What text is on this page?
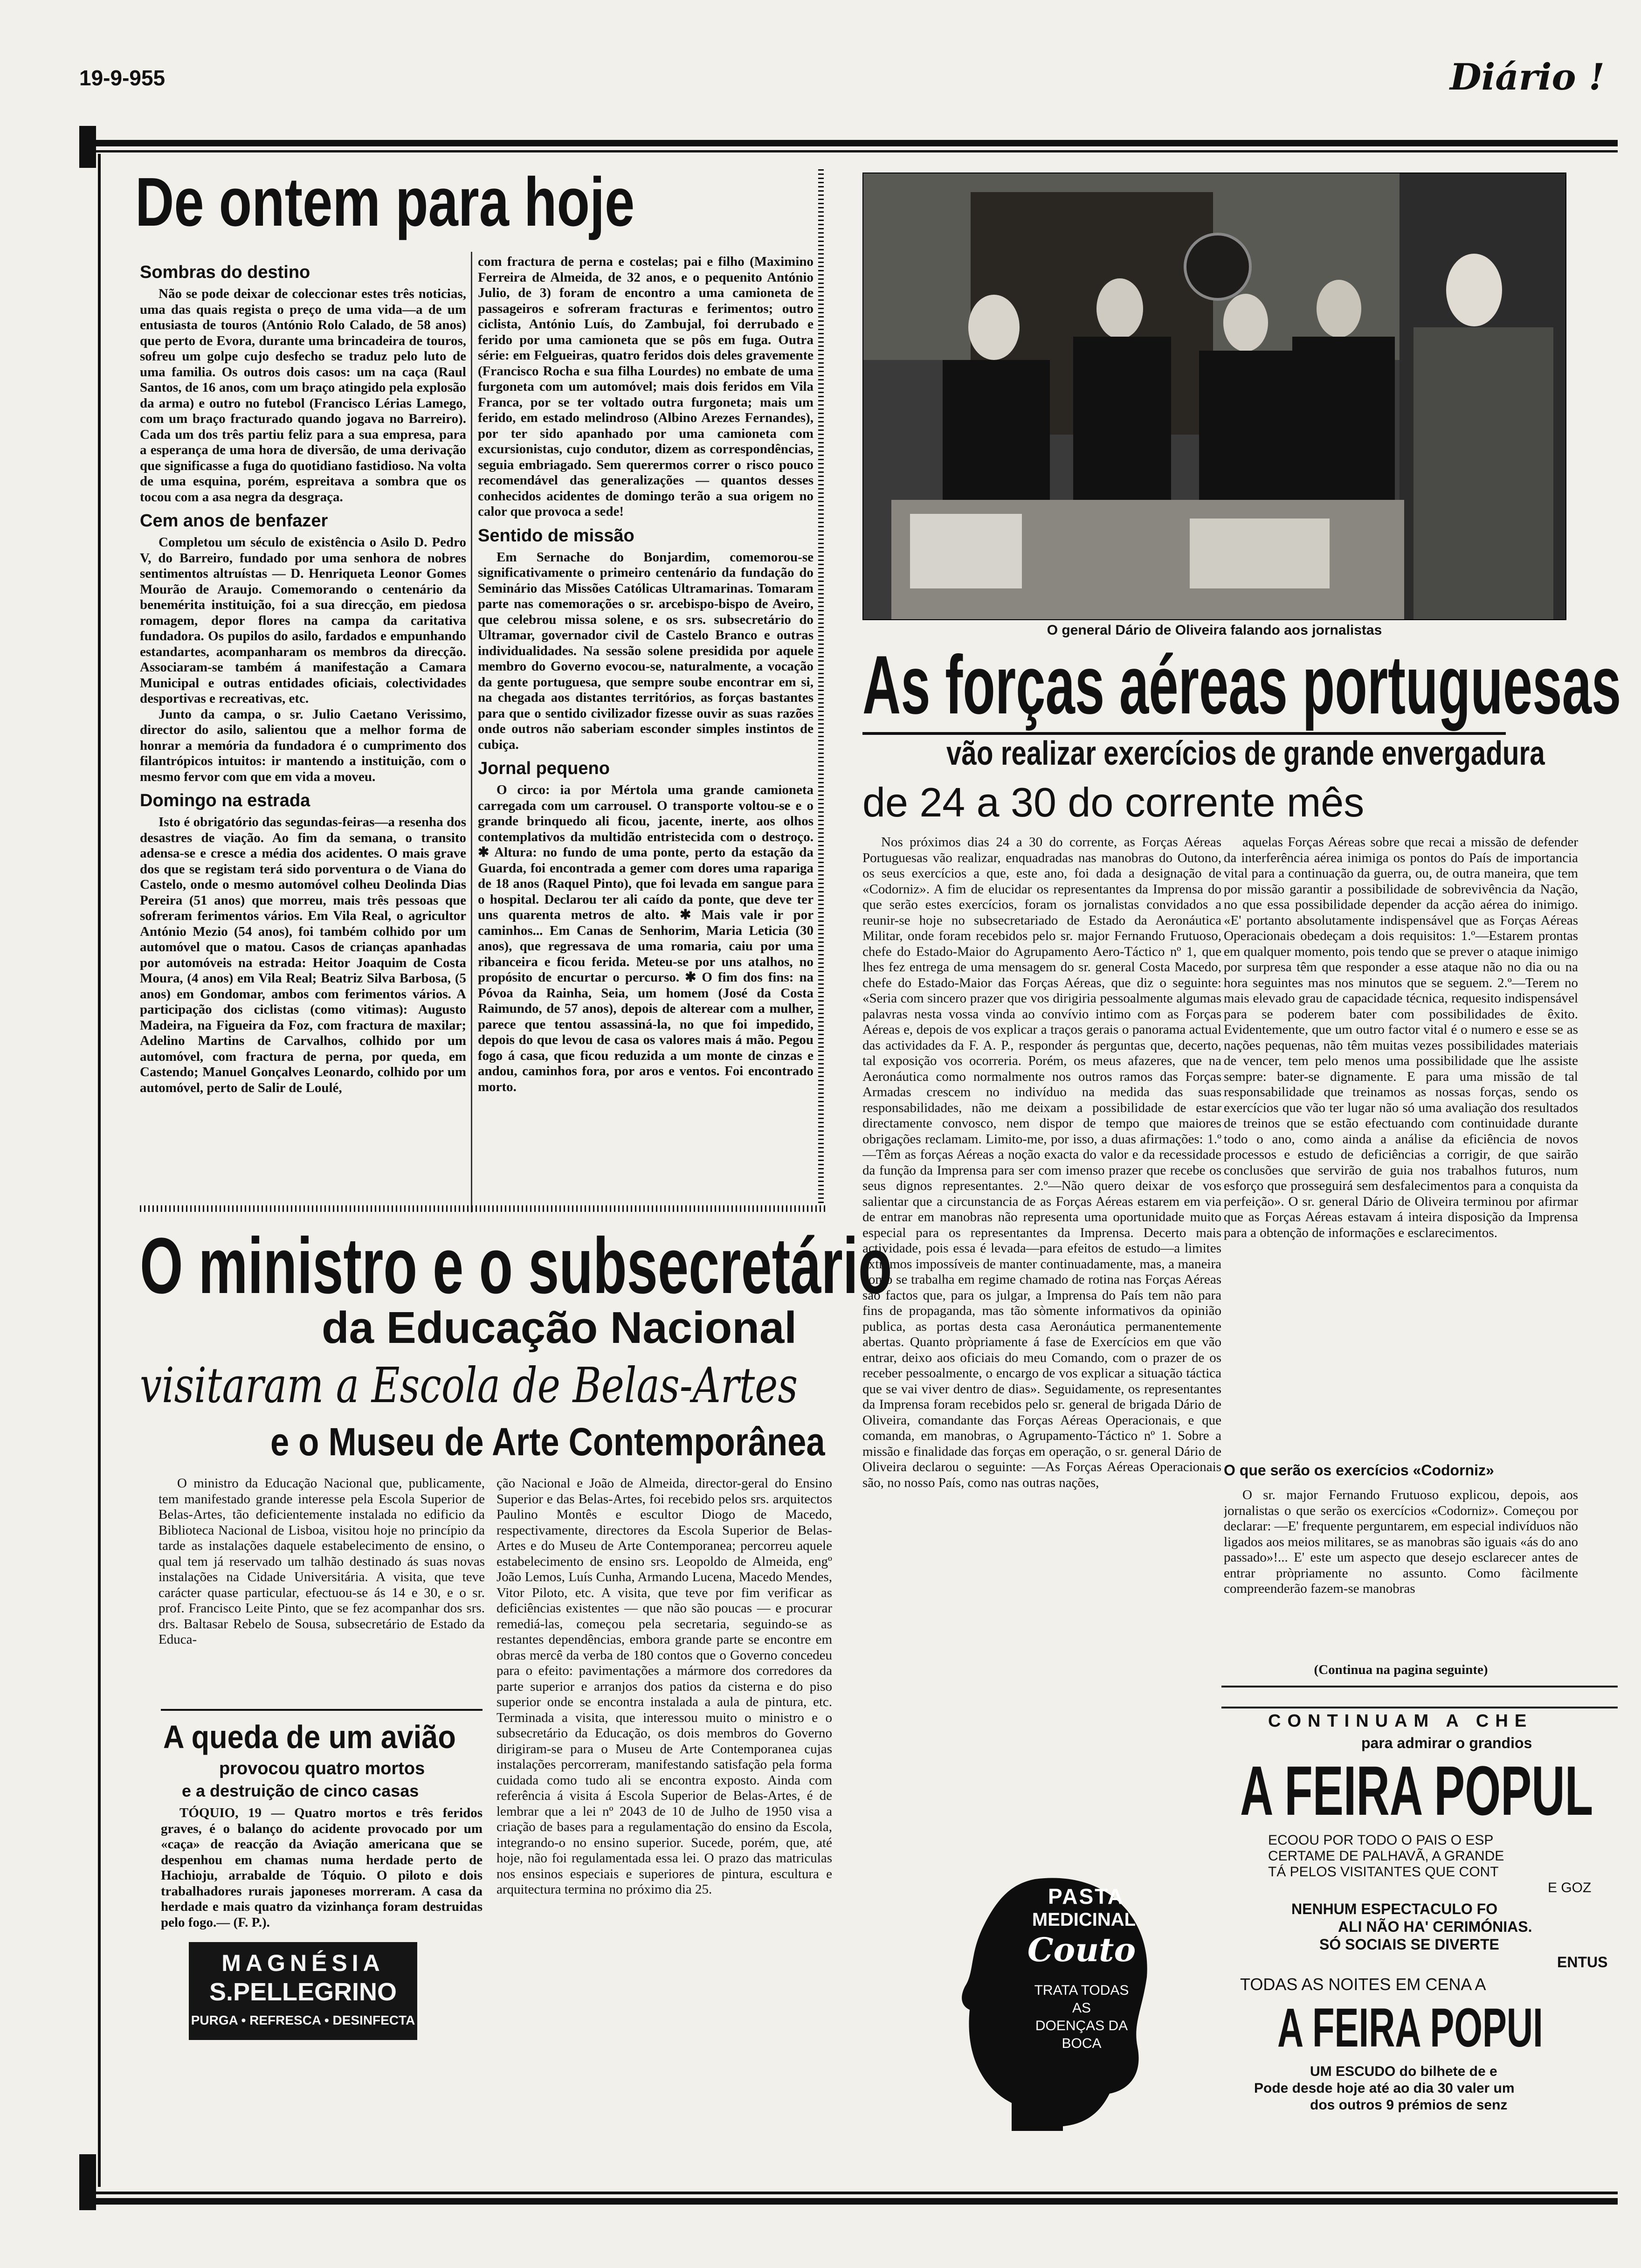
19-9-955	Diário !
De ontem para hoje
Sombras do destino

Não se pode deixar de coleccionar estes três noticias, uma das quais regista o preço de uma vida—a de um entusiasta de touros (António Rolo Calado, de 58 anos) que perto de Evora, durante uma brincadeira de touros, sofreu um golpe cujo desfecho se traduz pelo luto de uma familia. Os outros dois casos: um na caça (Raul Santos, de 16 anos, com um braço atingido pela explosão da arma) e outro no futebol (Francisco Lérias Lamego, com um braço fracturado quando jogava no Barreiro). Cada um dos três partiu feliz para a sua empresa, para a esperança de uma hora de diversão, de uma derivação que significasse a fuga do quotidiano fastidioso. Na volta de uma esquina, porém, espreitava a sombra que os tocou com a asa negra da desgraça.

Cem anos de benfazer

Completou um século de existência o Asilo D. Pedro V, do Barreiro, fundado por uma senhora de nobres sentimentos altruístas — D. Henriqueta Leonor Gomes Mourão de Araujo. Comemorando o centenário da benemérita instituição, foi a sua direcção, em piedosa romagem, depor flores na campa da caritativa fundadora. Os pupilos do asilo, fardados e empunhando estandartes, acompanharam os membros da direcção. Associaram-se também á manifestação a Camara Municipal e outras entidades oficiais, colectividades desportivas e recreativas, etc.

Junto da campa, o sr. Julio Caetano Verissimo, director do asilo, salientou que a melhor forma de honrar a memória da fundadora é o cumprimento dos filantrópicos intuitos: ir mantendo a instituição, com o mesmo fervor com que em vida a moveu.

Domingo na estrada

Isto é obrigatório das segundas-feiras—a resenha dos desastres de viação. Ao fim da semana, o transito adensa-se e cresce a média dos acidentes. O mais grave dos que se registam terá sido porventura o de Viana do Castelo, onde o mesmo automóvel colheu Deolinda Dias Pereira (51 anos) que morreu, mais três pessoas que sofreram ferimentos vários. Em Vila Real, o agricultor António Mezio (54 anos), foi também colhido por um automóvel que o matou. Casos de crianças apanhadas por automóveis na estrada: Heitor Joaquim de Costa Moura, (4 anos) em Vila Real; Beatriz Silva Barbosa, (5 anos) em Gondomar, ambos com ferimentos vários. A participação dos ciclistas (como vitimas): Augusto Madeira, na Figueira da Foz, com fractura de maxilar; Adelino Martins de Carvalhos, colhido por um automóvel, com fractura de perna, por queda, em Castendo; Manuel Gonçalves Leonardo, colhido por um automóvel, perto de Salir de Loulé,

com fractura de perna e costelas; pai e filho (Maximino Ferreira de Almeida, de 32 anos, e o pequenito António Julio, de 3) foram de encontro a uma camioneta de passageiros e sofreram fracturas e ferimentos; outro ciclista, António Luís, do Zambujal, foi derrubado e ferido por uma camioneta que se pôs em fuga. Outra série: em Felgueiras, quatro feridos dois deles gravemente (Francisco Rocha e sua filha Lourdes) no embate de uma furgoneta com um automóvel; mais dois feridos em Vila Franca, por se ter voltado outra furgoneta; mais um ferido, em estado melindroso (Albino Arezes Fernandes), por ter sido apanhado por uma camioneta com excursionistas, cujo condutor, dizem as correspondências, seguia embriagado. Sem querermos correr o risco pouco recomendável das generalizações — quantos desses conhecidos acidentes de domingo terão a sua origem no calor que provoca a sede!

Sentido de missão

Em Sernache do Bonjardim, comemorou-se significativamente o primeiro centenário da fundação do Seminário das Missões Católicas Ultramarinas. Tomaram parte nas comemorações o sr. arcebispo-bispo de Aveiro, que celebrou missa solene, e os srs. subsecretário do Ultramar, governador civil de Castelo Branco e outras individualidades. Na sessão solene presidida por aquele membro do Governo evocou-se, naturalmente, a vocação da gente portuguesa, que sempre soube encontrar em si, na chegada aos distantes territórios, as forças bastantes para que o sentido civilizador fizesse ouvir as suas razões onde outros não saberiam esconder simples instintos de cubiça.

Jornal pequeno

O circo: ia por Mértola uma grande camioneta carregada com um carrousel. O transporte voltou-se e o grande brinquedo ali ficou, jacente, inerte, aos olhos contemplativos da multidão entristecida com o destroço. ✱ Altura: no fundo de uma ponte, perto da estação da Guarda, foi encontrada a gemer com dores uma rapariga de 18 anos (Raquel Pinto), que foi levada em sangue para o hospital. Declarou ter ali caído da ponte, que deve ter uns quarenta metros de alto. ✱ Mais vale ir por caminhos... Em Canas de Senhorim, Maria Leticia (30 anos), que regressava de uma romaria, caiu por uma ribanceira e ficou ferida. Meteu-se por uns atalhos, no propósito de encurtar o percurso. ✱ O fim dos fins: na Póvoa da Rainha, Seia, um homem (José da Costa Raimundo, de 57 anos), depois de alterear com a mulher, parece que tentou assassiná-la, no que foi impedido, depois do que levou de casa os valores mais á mão. Pegou fogo á casa, que ficou reduzida a um monte de cinzas e andou, caminhos fora, por aros e ventos. Foi encontrado morto.

O ministro e o subsecretário
da Educação Nacional
visitaram a Escola de Belas-Artes
e o Museu de Arte Contemporânea

O ministro da Educação Nacional que, publicamente, tem manifestado grande interesse pela Escola Superior de Belas-Artes, tão deficientemente instalada no edificio da Biblioteca Nacional de Lisboa, visitou hoje no princípio da tarde as instalações daquele estabelecimento de ensino, o qual tem já reservado um talhão destinado ás suas novas instalações na Cidade Universitária. A visita, que teve carácter quase particular, efectuou-se ás 14 e 30, e o sr. prof. Francisco Leite Pinto, que se fez acompanhar dos srs. drs. Baltasar Rebelo de Sousa, subsecretário de Estado da Educa-

ção Nacional e João de Almeida, director-geral do Ensino Superior e das Belas-Artes, foi recebido pelos srs. arquitectos Paulino Montês e escultor Diogo de Macedo, respectivamente, directores da Escola Superior de Belas-Artes e do Museu de Arte Contemporanea; percorreu aquele estabelecimento de ensino srs. Leopoldo de Almeida, engº João Lemos, Luís Cunha, Armando Lucena, Macedo Mendes, Vitor Piloto, etc. A visita, que teve por fim verificar as deficiências existentes — que não são poucas — e procurar remediá-las, começou pela secretaria, seguindo-se as restantes dependências, embora grande parte se encontre em obras mercê da verba de 180 contos que o Governo concedeu para o efeito: pavimentações a mármore dos corredores da parte superior e arranjos dos patios da cisterna e do piso superior onde se encontra instalada a aula de pintura, etc. Terminada a visita, que interessou muito o ministro e o subsecretário da Educação, os dois membros do Governo dirigiram-se para o Museu de Arte Contemporanea cujas instalações percorreram, manifestando satisfação pela forma cuidada como tudo ali se encontra exposto. Ainda com referência á visita á Escola Superior de Belas-Artes, é de lembrar que a lei nº 2043 de 10 de Julho de 1950 visa a criação de bases para a regulamentação do ensino da Escola, integrando-o no ensino superior. Sucede, porém, que, até hoje, não foi regulamentada essa lei. O prazo das matriculas nos ensinos especiais e superiores de pintura, escultura e arquitectura termina no próximo dia 25.

A queda de um avião
provocou quatro mortos
e a destruição de cinco casas

TÓQUIO, 19 — Quatro mortos e três feridos graves, é o balanço do acidente provocado por um «caça» de reacção da Aviação americana que se despenhou em chamas numa herdade perto de Hachioju, arrabalde de Tóquio. O piloto e dois trabalhadores rurais japoneses morreram. A casa da herdade e mais quatro da vizinhança foram destruidas pelo fogo.— (F. P.).

MAGNÉSIA
S.PELLEGRINO
PURGA • REFRESCA • DESINFECTA
O general Dário de Oliveira falando aos jornalistas
As forças aéreas portuguesas
vão realizar exercícios de grande envergadura
de 24 a 30 do corrente mês

Nos próximos dias 24 a 30 do corrente, as Forças Aéreas Portuguesas vão realizar, enquadradas nas manobras do Outono, os seus exercícios a que, este ano, foi dada a designação de «Codorniz». A fim de elucidar os representantes da Imprensa do que serão estes exercícios, foram os jornalistas convidados a reunir-se hoje no subsecretariado de Estado da Aeronáutica Militar, onde foram recebidos pelo sr. major Fernando Frutuoso, chefe do Estado-Maior do Agrupamento Aero-Táctico nº 1, que lhes fez entrega de uma mensagem do sr. general Costa Macedo, chefe do Estado-Maior das Forças Aéreas, que diz o seguinte: «Seria com sincero prazer que vos dirigiria pessoalmente algumas palavras nesta vossa vinda ao convívio intimo com as Forças Aéreas e, depois de vos explicar a traços gerais o panorama actual das actividades da F. A. P., responder ás perguntas que, decerto, tal exposição vos ocorreria. Porém, os meus afazeres, que na Aeronáutica como normalmente nos outros ramos das Forças Armadas crescem no indivíduo na medida das suas responsabilidades, não me deixam a possibilidade de estar directamente convosco, nem dispor de tempo que maiores obrigações reclamam. Limito-me, por isso, a duas afirmações: 1.º—Têm as forças Aéreas a noção exacta do valor e da recessidade da função da Imprensa para ser com imenso prazer que recebe os seus dignos representantes. 2.º—Não quero deixar de vos salientar que a circunstancia de as Forças Aéreas estarem em via de entrar em manobras não representa uma oportunidade muito especial para os representantes da Imprensa. Decerto mais actividade, pois essa é levada—para efeitos de estudo—a limites extremos impossíveis de manter continuadamente, mas, a maneira como se trabalha em regime chamado de rotina nas Forças Aéreas são factos que, para os julgar, a Imprensa do País tem não para fins de propaganda, mas tão sòmente informativos da opinião publica, as portas desta casa Aeronáutica permanentemente abertas. Quanto pròpriamente á fase de Exercícios em que vão entrar, deixo aos oficiais do meu Comando, com o prazer de os receber pessoalmente, o encargo de vos explicar a situação táctica que se vai viver dentro de dias». Seguidamente, os representantes da Imprensa foram recebidos pelo sr. general de brigada Dário de Oliveira, comandante das Forças Aéreas Operacionais, e que comanda, em manobras, o Agrupamento-Táctico nº 1. Sobre a missão e finalidade das forças em operação, o sr. general Dário de Oliveira declarou o seguinte: —As Forças Aéreas Operacionais são, no nosso País, como nas outras nações,

aquelas Forças Aéreas sobre que recai a missão de defender da interferência aérea inimiga os pontos do País de importancia vital para a continuação da guerra, ou, de outra maneira, que tem por missão garantir a possibilidade de sobrevivência da Nação, no que essa possibilidade depender da acção aérea do inimigo. «E' portanto absolutamente indispensável que as Forças Aéreas Operacionais obedeçam a dois requisitos: 1.º—Estarem prontas em qualquer momento, pois tendo que se prever o ataque inimigo por surpresa têm que responder a esse ataque não no dia ou na hora seguintes mas nos minutos que se seguem. 2.º—Terem no mais elevado grau de capacidade técnica, requesito indispensável para se poderem bater com possibilidades de êxito. Evidentemente, que um outro factor vital é o numero e esse se as nações pequenas, não têm muitas vezes possibilidades materiais de vencer, tem pelo menos uma possibilidade que lhe assiste sempre: bater-se dignamente. E para uma missão de tal responsabilidade que treinamos as nossas forças, sendo os exercícios que vão ter lugar não só uma avaliação dos resultados de treinos que se estão efectuando com continuidade durante todo o ano, como ainda a análise da eficiência de novos processos e estudo de deficiências a corrigir, de que sairão conclusões que servirão de guia nos trabalhos futuros, num esforço que prosseguirá sem desfalecimentos para a conquista da perfeição». O sr. general Dário de Oliveira terminou por afirmar que as Forças Aéreas estavam á inteira disposição da Imprensa para a obtenção de informações e esclarecimentos.

O que serão os exercícios «Codorniz»

O sr. major Fernando Frutuoso explicou, depois, aos jornalistas o que serão os exercícios «Codorniz». Começou por declarar: —E' frequente perguntarem, em especial indivíduos não ligados aos meios militares, se as manobras são iguais «ás do ano passado»!... E' este um aspecto que desejo esclarecer antes de entrar pròpriamente no assunto. Como fàcilmente compreenderão fazem-se manobras

(Continua na pagina seguinte)
PASTA
MEDICINAL
Couto
TRATA TODAS
AS
DOENÇAS DA
BOCA
CONTINUAM A CHE
para admirar o grandios
A FEIRA POPUL
ECOOU POR TODO O PAIS O ESP
CERTAME DE PALHAVÃ, A GRANDE
TÁ PELOS VISITANTES QUE CONT
E GOZ
NENHUM ESPECTACULO FO
ALI NÃO HA' CERIMÓNIAS.
SÓ SOCIAIS SE DIVERTE
ENTUS
TODAS AS NOITES EM CENA A
A FEIRA POPUI
UM ESCUDO do bilhete de e
Pode desde hoje até ao dia 30 valer um
dos outros 9 prémios de senz
